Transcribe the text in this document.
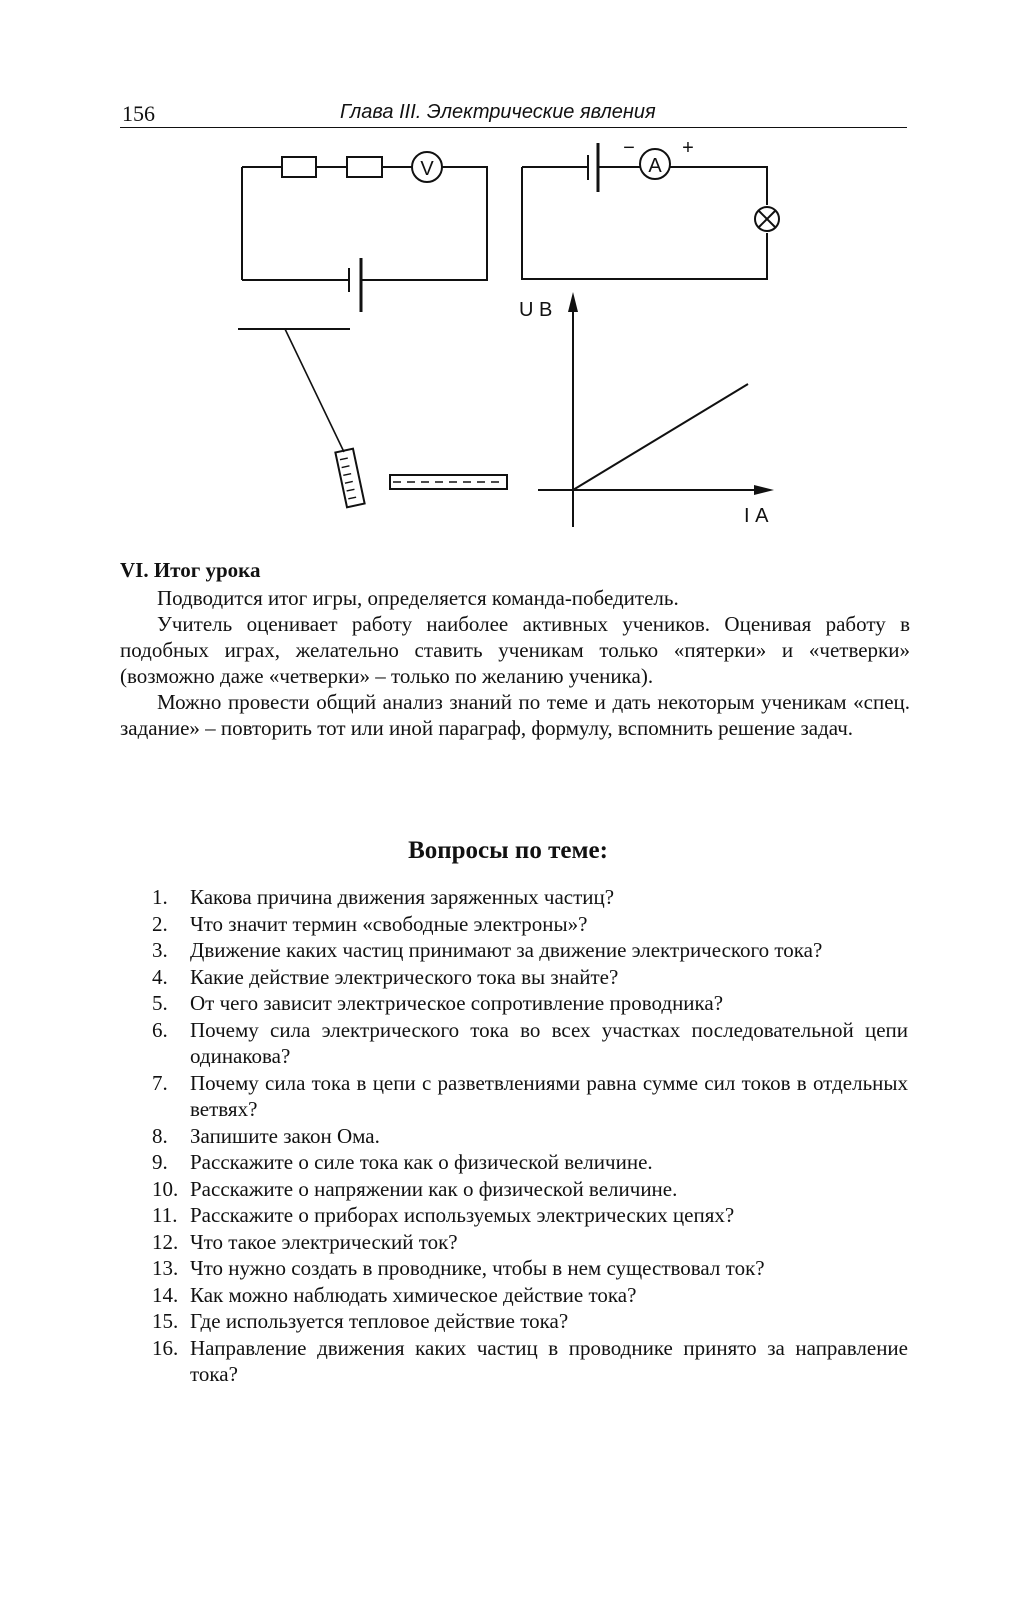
156	Глава III. Электрические явления
V	A
− +
U В
I А
VI. Итог урока

Подводится итог игры, определяется команда-победитель.

Учитель оценивает работу наиболее активных учеников. Оценивая работу в подобных играх, желательно ставить ученикам только «пятерки» и «четверки» (возможно даже «четверки» – только по желанию ученика).

Можно провести общий анализ знаний по теме и дать некоторым ученикам «спец. задание» – повторить тот или иной параграф, формулу, вспомнить решение задач.

Вопросы по теме:
1.	Какова причина движения заряженных частиц?
2.	Что значит термин «свободные электроны»?
3.	Движение каких частиц принимают за движение электрического тока?
4.	Какие действие электрического тока вы знайте?
5.	От чего зависит электрическое сопротивление проводника?
6.	Почему сила электрического тока во всех участках последовательной цепи одинакова?
7.	Почему сила тока в цепи с разветвлениями равна сумме сил токов в отдельных ветвях?
8.	Запишите закон Ома.
9.	Расскажите о силе тока как о физической величине.
10. Расскажите о напряжении как о физической величине.
11. Расскажите о приборах используемых электрических цепях?
12. Что такое электрический ток?
13. Что нужно создать в проводнике, чтобы в нем существовал ток?
14. Как можно наблюдать химическое действие тока?
15. Где используется тепловое действие тока?
16. Направление движения каких частиц в проводнике принято за направление тока?
